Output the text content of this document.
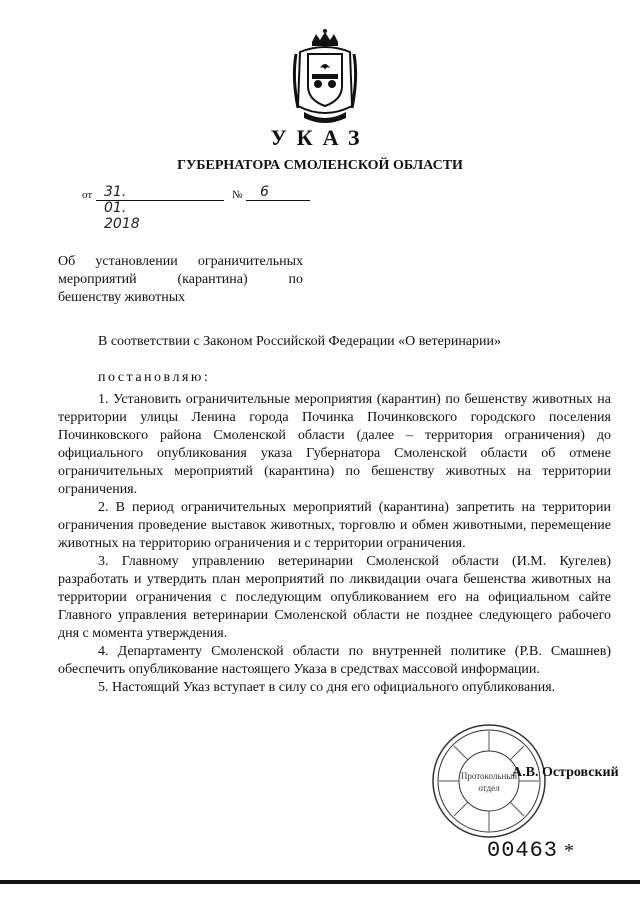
УКАЗ
ГУБЕРНАТОРА СМОЛЕНСКОЙ ОБЛАСТИ
от 31. 01. 2018
№ 6
Об установлении ограничительных
мероприятий (карантина) по
бешенству животных
В соответствии с Законом Российской Федерации «О ветеринарии»
постановляю:

1. Установить ограничительные мероприятия (карантин) по бешенству животных на территории улицы Ленина города Починка Починковского городского поселения Починковского района Смоленской области (далее – территория ограничения) до официального опубликования указа Губернатора Смоленской области об отмене ограничительных мероприятий (карантина) по бешенству животных на территории ограничения.

2. В период ограничительных мероприятий (карантина) запретить на территории ограничения проведение выставок животных, торговлю и обмен животными, перемещение животных на территорию ограничения и с территории ограничения.

3. Главному управлению ветеринарии Смоленской области (И.М. Кугелев) разработать и утвердить план мероприятий по ликвидации очага бешенства животных на территории ограничения с последующим опубликованием его на официальном сайте Главного управления ветеринарии Смоленской области не позднее следующего рабочего дня с момента утверждения.

4. Департаменту Смоленской области по внутренней политике (Р.В. Смашнев) обеспечить опубликование настоящего Указа в средствах массовой информации.

5. Настоящий Указ вступает в силу со дня его официального опубликования.

Протокольный
отдел
А.В. Островский
00463 *
